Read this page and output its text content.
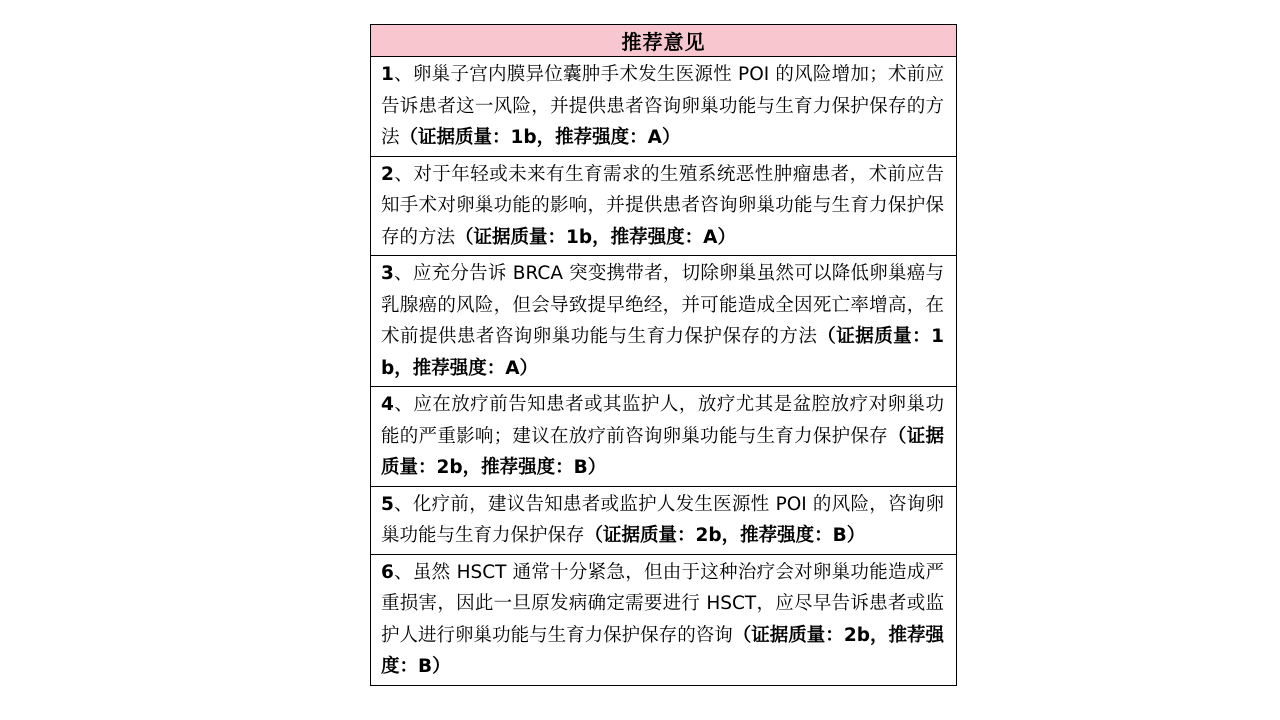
推荐意见
1、卵巢子宫内膜异位囊肿手术发生医源性 POI 的风险增加；术前应告诉患者这一风险，并提供患者咨询卵巢功能与生育力保护保存的方法（证据质量：1b，推荐强度：A）
2、对于年轻或未来有生育需求的生殖系统恶性肿瘤患者，术前应告知手术对卵巢功能的影响，并提供患者咨询卵巢功能与生育力保护保存的方法（证据质量：1b，推荐强度：A）
3、应充分告诉 BRCA 突变携带者，切除卵巢虽然可以降低卵巢癌与乳腺癌的风险，但会导致提早绝经，并可能造成全因死亡率增高，在术前提供患者咨询卵巢功能与生育力保护保存的方法（证据质量：1b，推荐强度：A）
4、应在放疗前告知患者或其监护人，放疗尤其是盆腔放疗对卵巢功能的严重影响；建议在放疗前咨询卵巢功能与生育力保护保存（证据质量：2b，推荐强度：B）
5、化疗前，建议告知患者或监护人发生医源性 POI 的风险，咨询卵巢功能与生育力保护保存（证据质量：2b，推荐强度：B）
6、虽然 HSCT 通常十分紧急，但由于这种治疗会对卵巢功能造成严重损害，因此一旦原发病确定需要进行 HSCT，应尽早告诉患者或监护人进行卵巢功能与生育力保护保存的咨询（证据质量：2b，推荐强度：B）
